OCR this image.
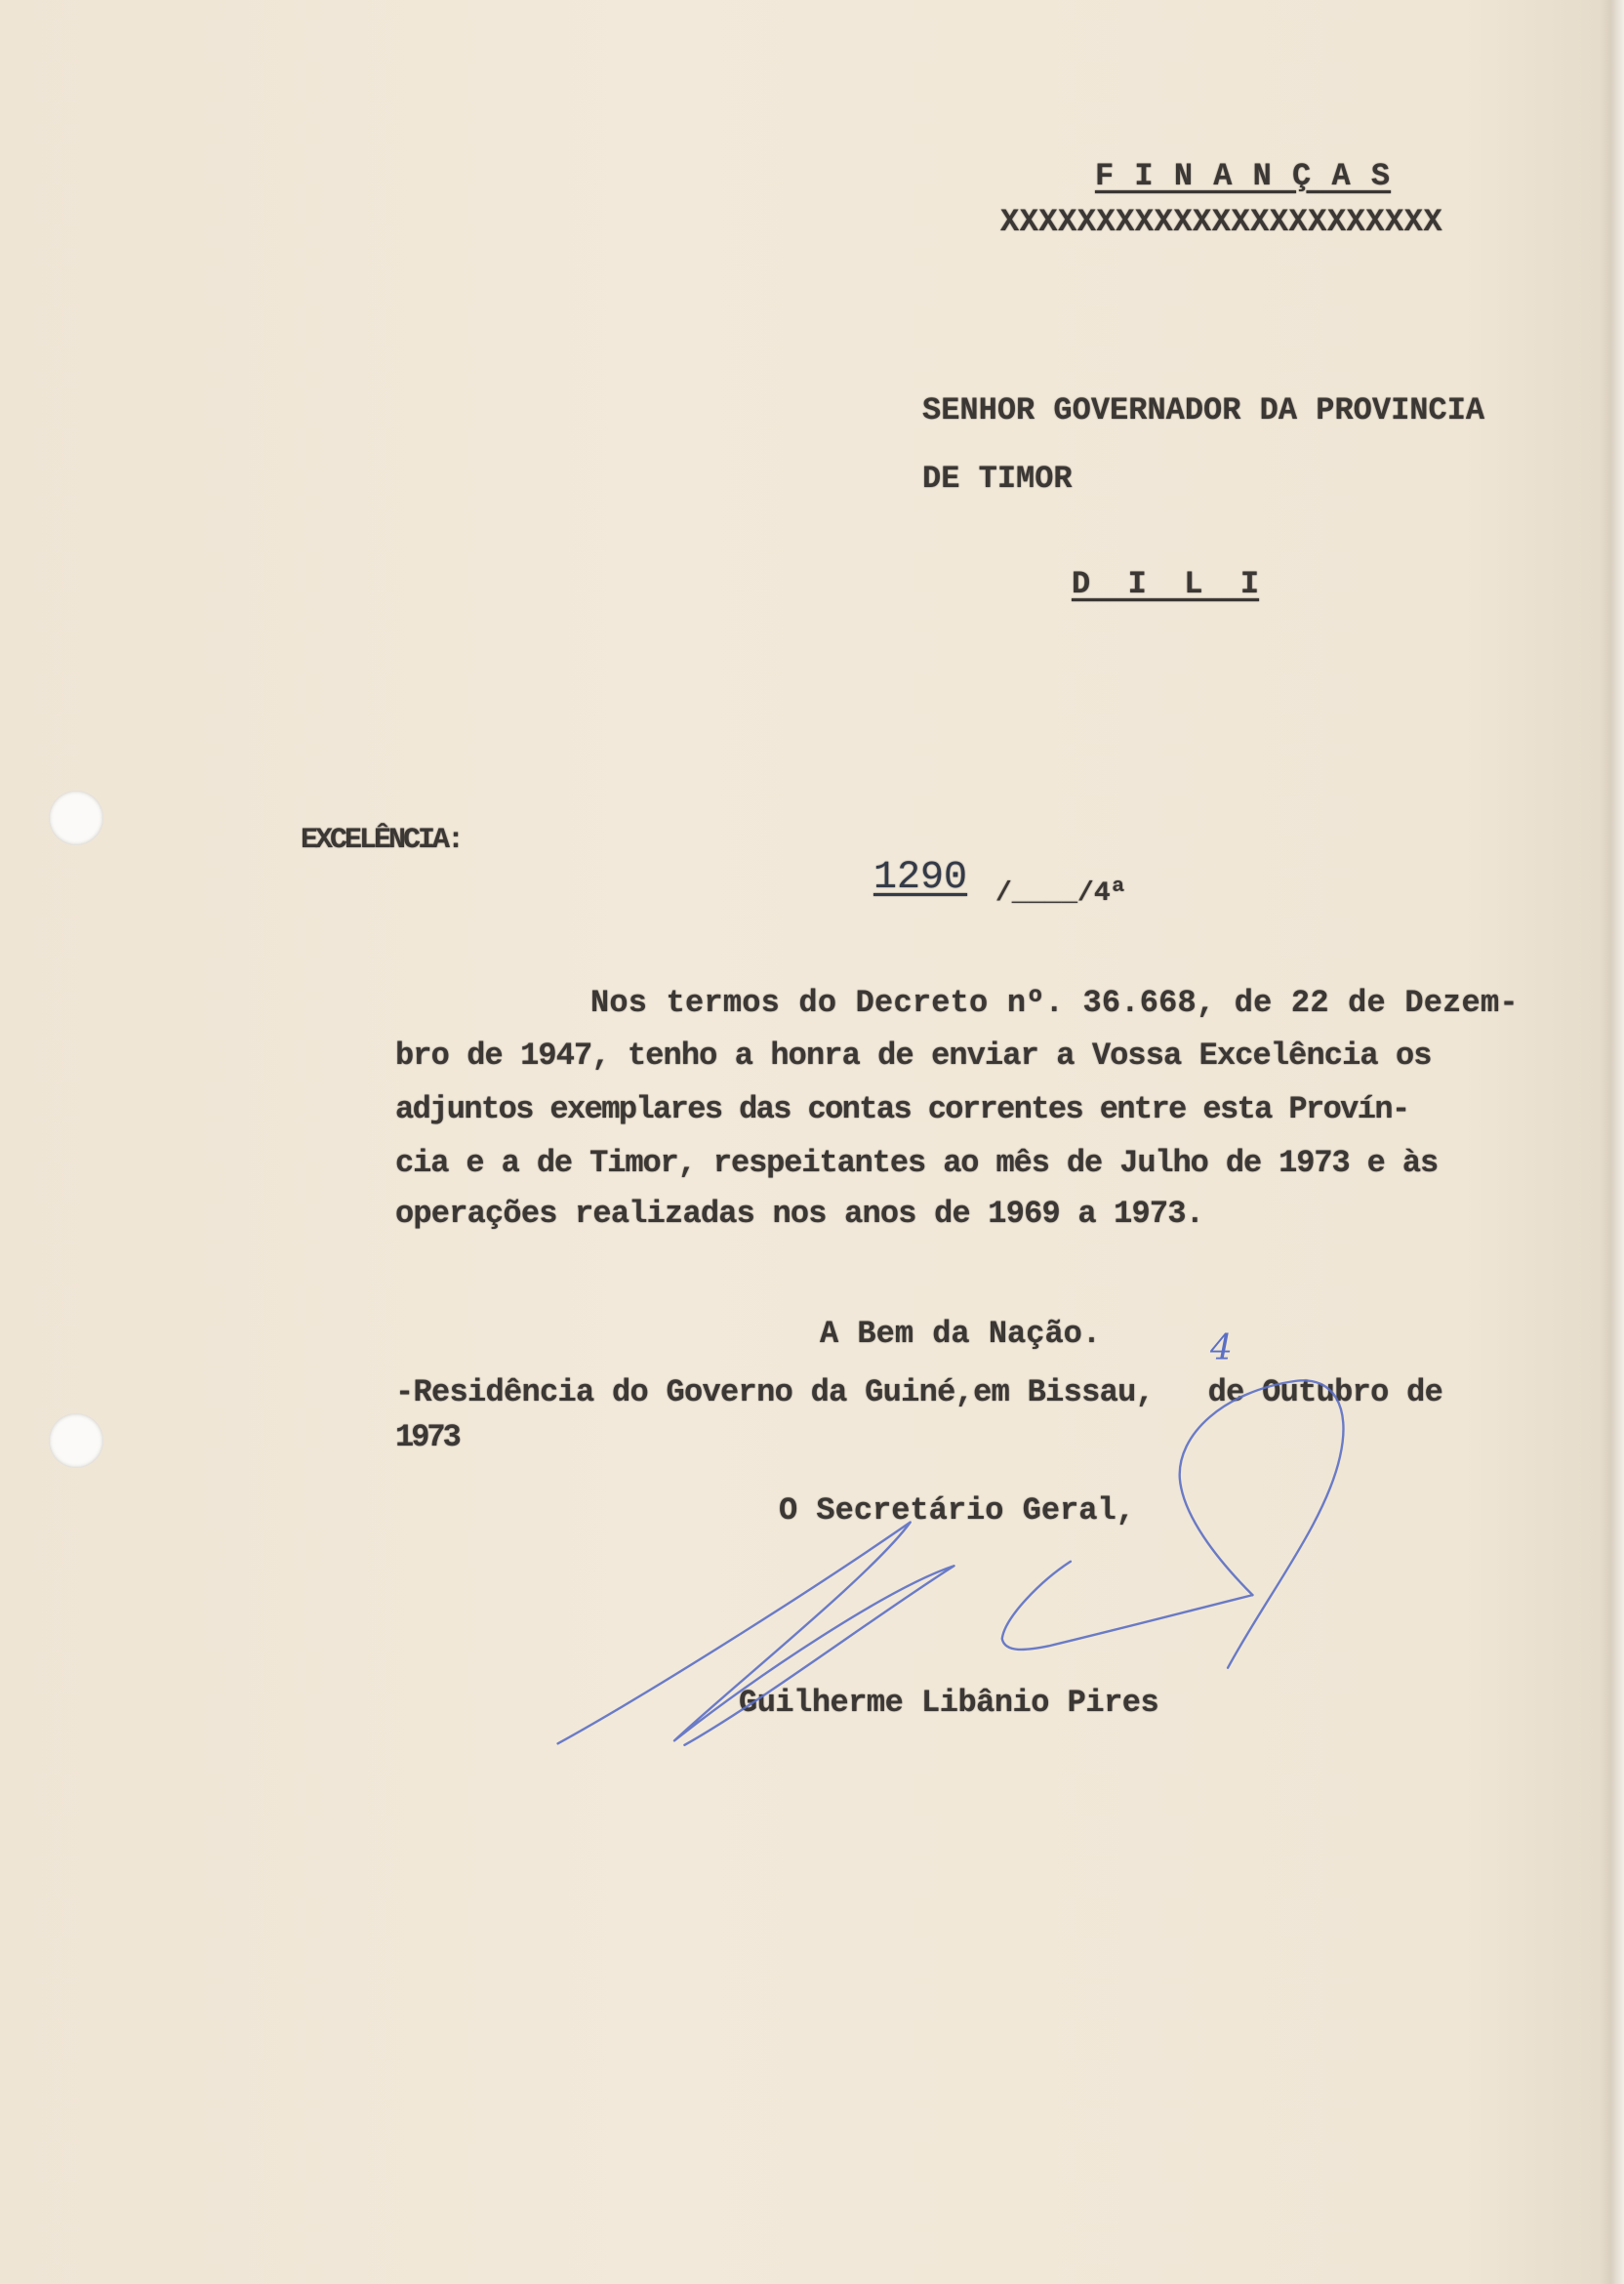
F I N A N Ç A S
XXXXXXXXXXXXXXXXXXXXXXX
SENHOR GOVERNADOR DA PROVINCIA
DE TIMOR
D  I  L  I
EXCELÊNCIA:
1290 /____/4ª
Nos termos do Decreto nº. 36.668, de 22 de Dezem-
bro de 1947, tenho a honra de enviar a Vossa Excelência os
adjuntos exemplares das contas correntes entre esta Provín-
cia e a de Timor, respeitantes ao mês de Julho de 1973 e às
operações realizadas nos anos de 1969 a 1973.
A Bem da Nação.	4
-Residência do Governo da Guiné,em Bissau,   de Outubro de
1973
O Secretário Geral,
Guilherme Libânio Pires
